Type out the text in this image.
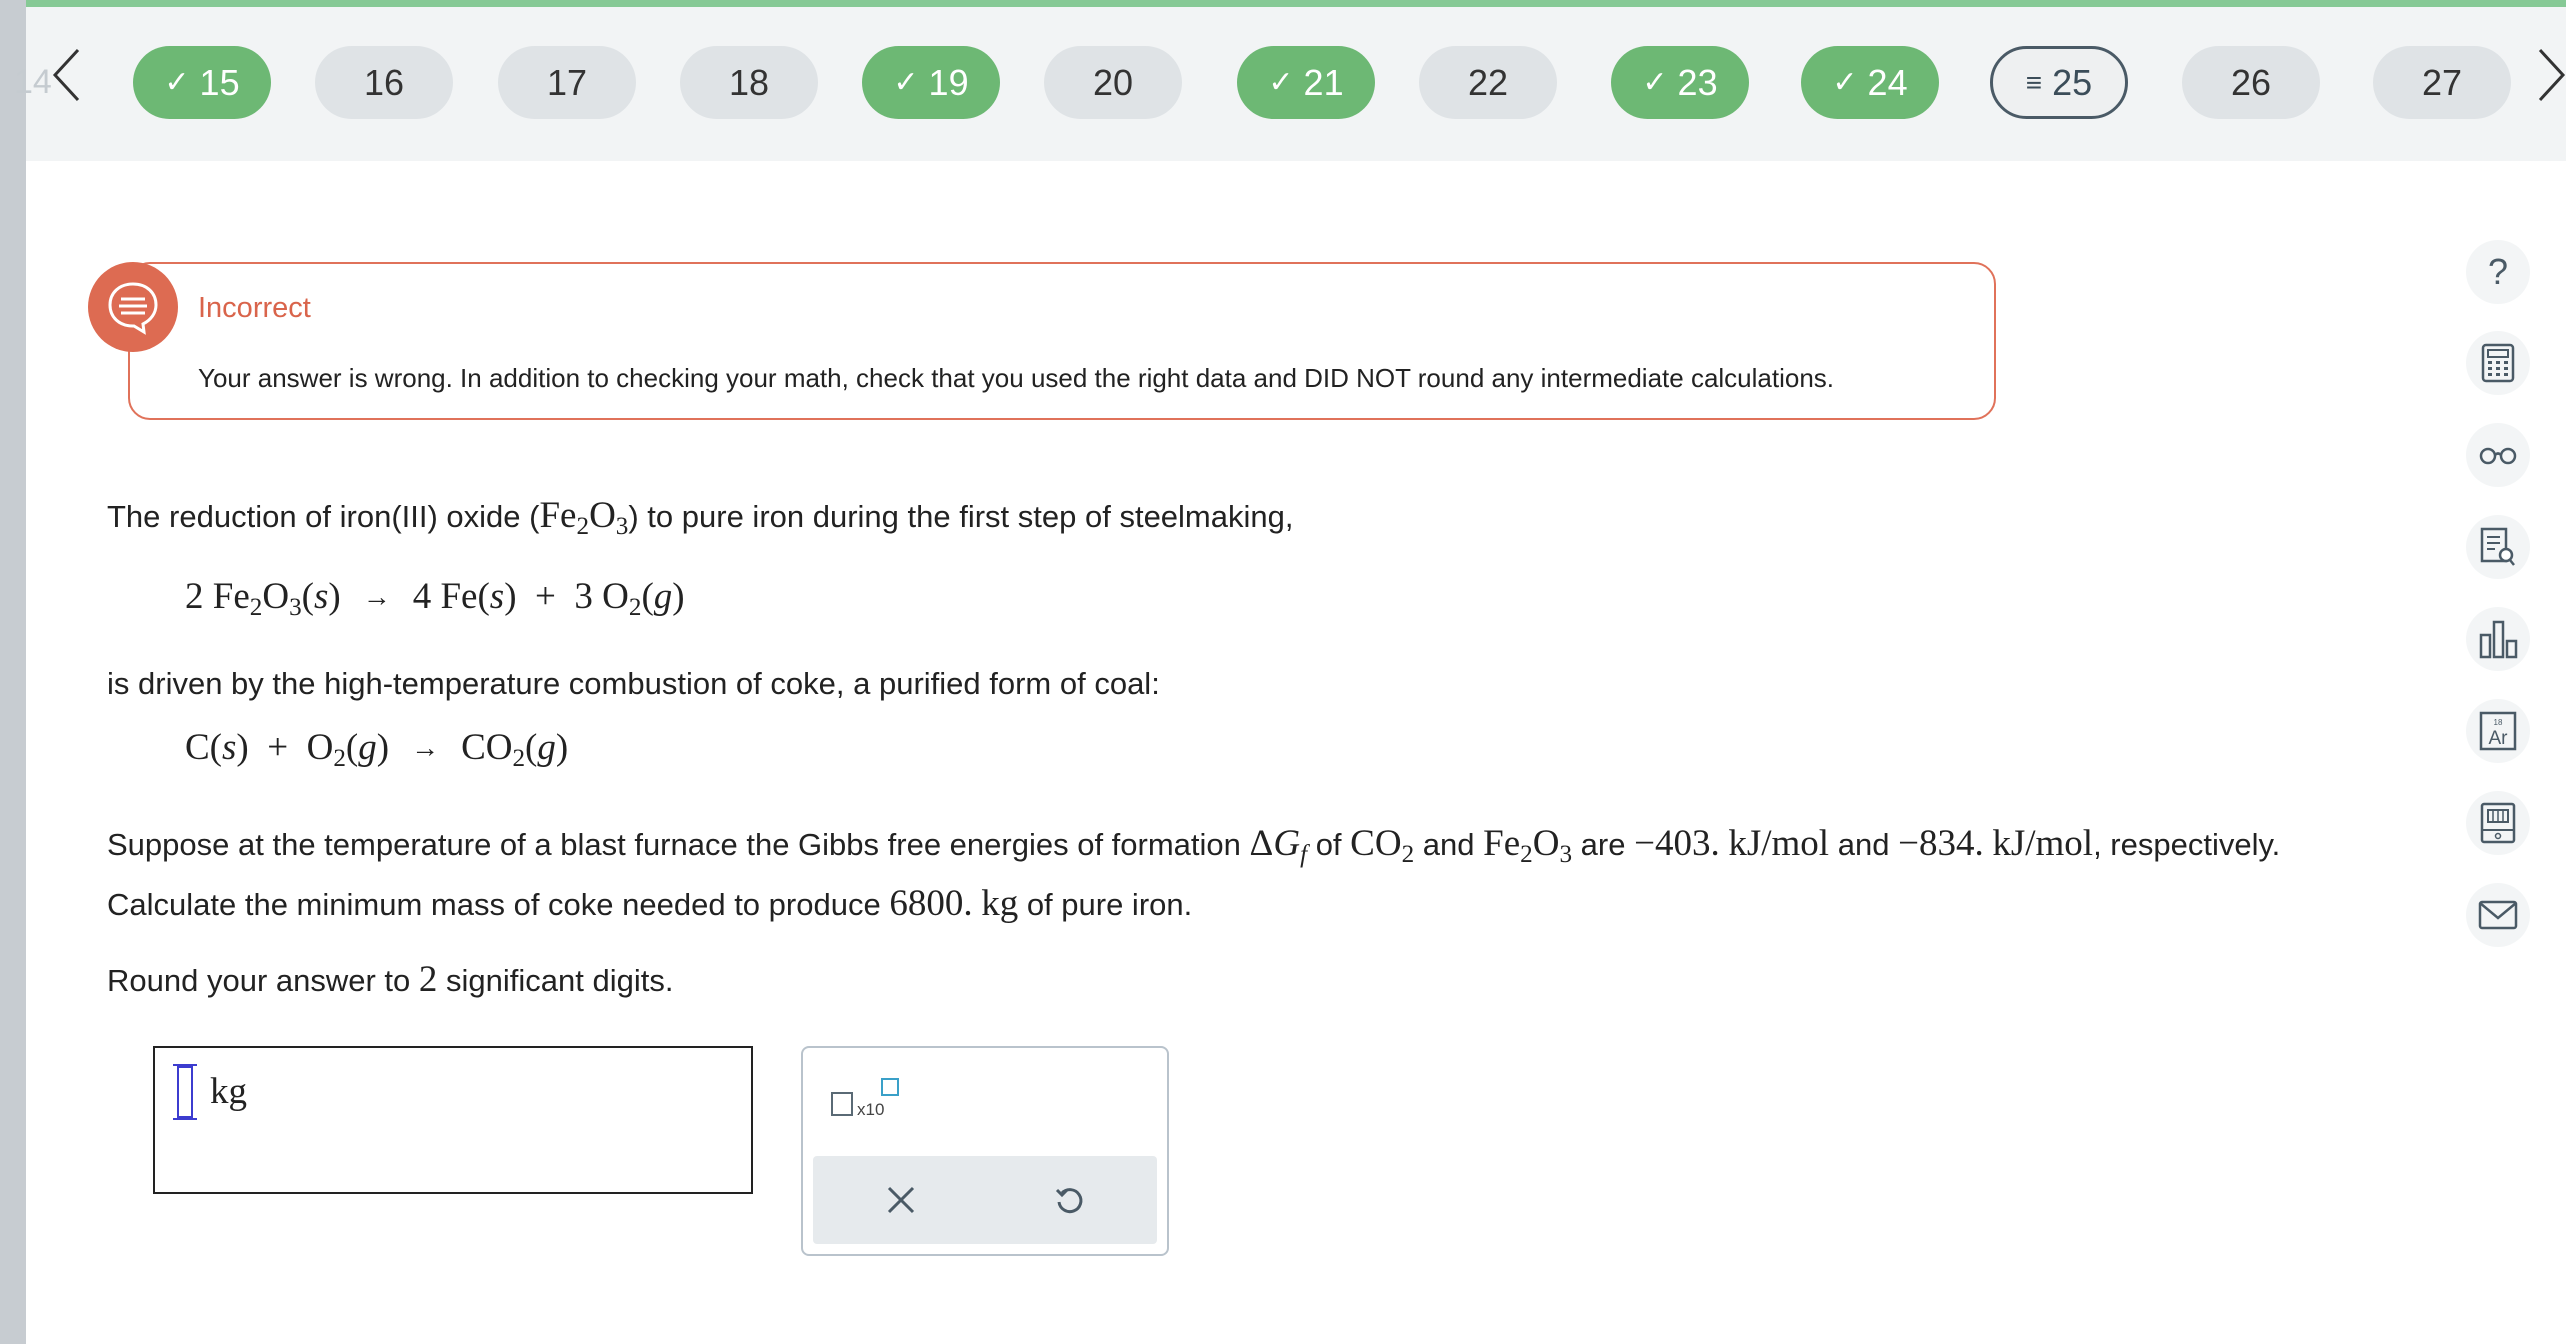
14	✓ 15	16	17	18	✓ 19	20	✓ 21	22	✓ 23	✓ 24	≡ 25	26	27
Incorrect
Your answer is wrong. In addition to checking your math, check that you used the right data and DID NOT round any intermediate calculations.
The reduction of iron(III) oxide $(Fe_2O_3)$ to pure iron during the first step of steelmaking,
2 $Fe_2O_3(s) \to 4$ Fe(s)  +  3 $O_2(g)$
is driven by the high-temperature combustion of coke, a purified form of coal:
$C(s) + O_2(g) \to CO_2(g)$
Suppose at the temperature of a blast furnace the Gibbs free energies of formation $\Delta G_f$ of $CO_2$ and $Fe_2O_3$ are −403. kJ/mol and −834. kJ/mol, respectively.
Calculate the minimum mass of coke needed to produce 6800. kg of pure iron.
Round your answer to 2 significant digits.
kg	x10
?
18
Ar
